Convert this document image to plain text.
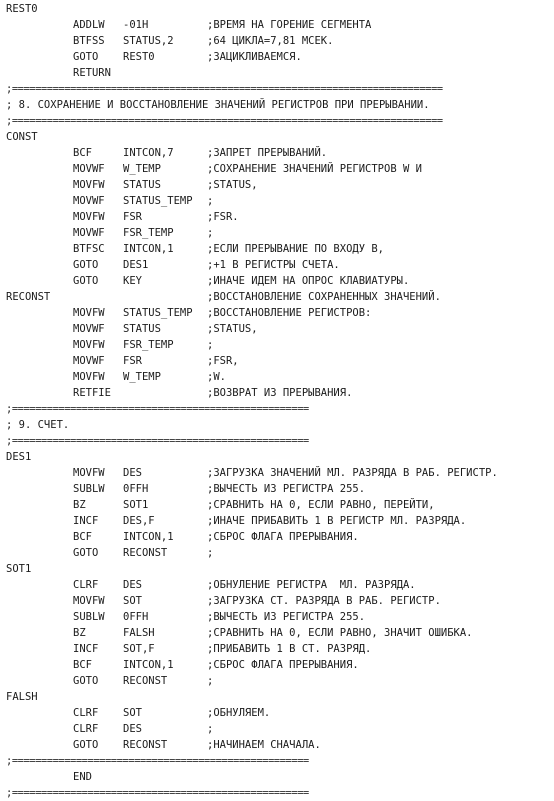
REST0
ADDLW -01H	;ВРЕМЯ НА ГОРЕНИЕ СЕГМЕНТА
BTFSS STATUS,2	;64 ЦИКЛА=7,81 МСЕК.
GOTO REST0	;ЗАЦИКЛИВАЕМСЯ.
RETURN
;==========================================================================
; 8. СОХРАНЕНИЕ И ВОССТАНОВЛЕНИЕ ЗНАЧЕНИЙ РЕГИСТРОВ ПРИ ПРЕРЫВАНИИ.
;==========================================================================
CONST
BCF	INTCON,7	;ЗАПРЕТ ПРЕРЫВАНИЙ.
MOVWF W_TEMP	;СОХРАНЕНИЕ ЗНАЧЕНИЙ РЕГИСТРОВ W И
MOVFW STATUS	;STATUS,
MOVWF STATUS_TEMP ;
MOVFW FSR	;FSR.
MOVWF FSR_TEMP	;
BTFSC INTCON,1	;ЕСЛИ ПРЕРЫВАНИЕ ПО ВХОДУ В,
GOTO DES1	;+1 В РЕГИСТРЫ СЧЕТА.
GOTO KEY	;ИНАЧЕ ИДЕМ НА ОПРОС КЛАВИАТУРЫ.
RECONST	;ВОССТАНОВЛЕНИЕ СОХРАНЕННЫХ ЗНАЧЕНИЙ.
MOVFW STATUS_TEMP ;ВОССТАНОВЛЕНИЕ РЕГИСТРОВ:
MOVWF STATUS	;STATUS,
MOVFW FSR_TEMP	;
MOVWF FSR	;FSR,
MOVFW W_TEMP	;W.
RETFIE	;ВОЗВРАТ ИЗ ПРЕРЫВАНИЯ.
;===================================================
; 9. СЧЕТ.
;===================================================
DES1
MOVFW DES	;ЗАГРУЗКА ЗНАЧЕНИЙ МЛ. РАЗРЯДА В РАБ. РЕГИСТР.
SUBLW 0FFH	;ВЫЧЕСТЬ ИЗ РЕГИСТРА 255.
BZ	SOT1	;СРАВНИТЬ НА 0, ЕСЛИ РАВНО, ПЕРЕЙТИ,
INCF DES,F	;ИНАЧЕ ПРИБАВИТЬ 1 В РЕГИСТР МЛ. РАЗРЯДА.
BCF	INTCON,1	;СБРОС ФЛАГА ПРЕРЫВАНИЯ.
GOTO RECONST	;
SOT1
CLRF DES	;ОБНУЛЕНИЕ РЕГИСТРА  МЛ. РАЗРЯДА.
MOVFW SOT	;ЗАГРУЗКА СТ. РАЗРЯДА В РАБ. РЕГИСТР.
SUBLW 0FFH	;ВЫЧЕСТЬ ИЗ РЕГИСТРА 255.
BZ	FALSH	;СРАВНИТЬ НА 0, ЕСЛИ РАВНО, ЗНАЧИТ ОШИБКА.
INCF SOT,F	;ПРИБАВИТЬ 1 В СТ. РАЗРЯД.
BCF	INTCON,1	;СБРОС ФЛАГА ПРЕРЫВАНИЯ.
GOTO RECONST	;
FALSH
CLRF SOT	;ОБНУЛЯЕМ.
CLRF DES	;
GOTO RECONST	;НАЧИНАЕМ СНАЧАЛА.
;===================================================
END
;===================================================
